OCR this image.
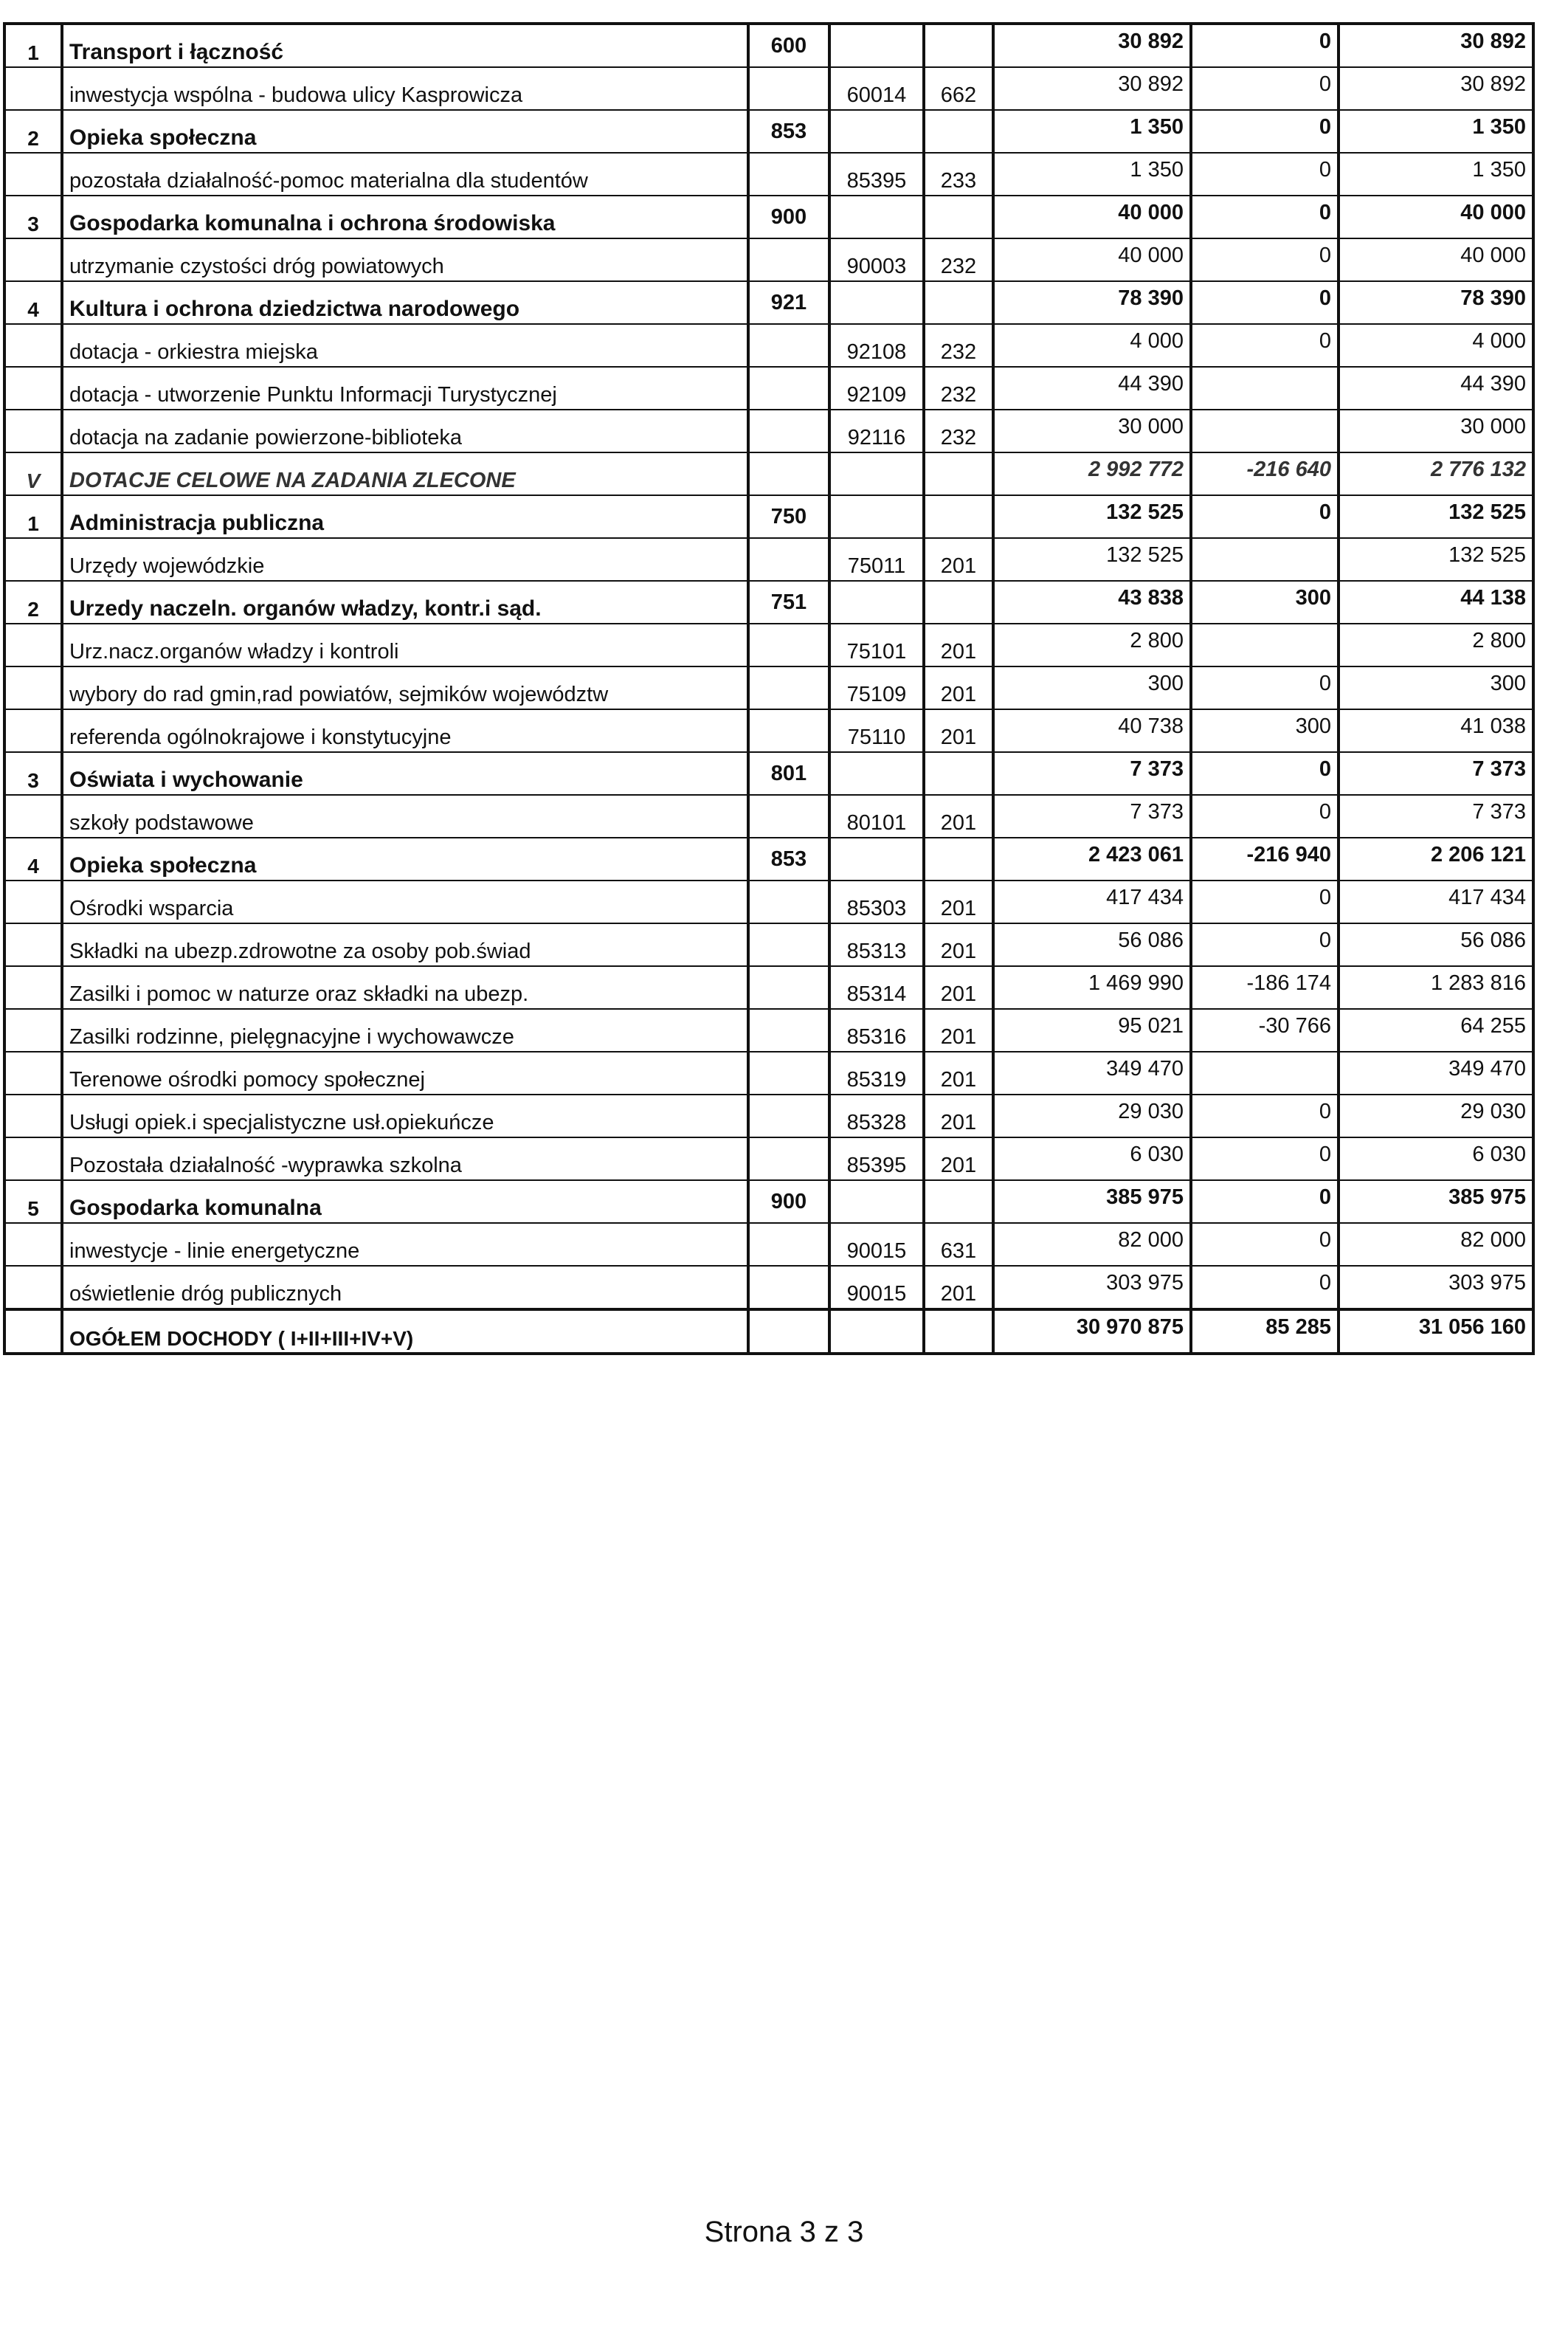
1	Transport i łączność	600			30 892	0	30 892
	inwestycja wspólna - budowa ulicy Kasprowicza		60014	662	30 892	0	30 892
2	Opieka społeczna	853			1 350	0	1 350
	pozostała działalność-pomoc materialna dla studentów		85395	233	1 350	0	1 350
3	Gospodarka komunalna i ochrona środowiska	900			40 000	0	40 000
	utrzymanie czystości dróg powiatowych		90003	232	40 000	0	40 000
4	Kultura i ochrona dziedzictwa narodowego	921			78 390	0	78 390
	dotacja - orkiestra miejska		92108	232	4 000	0	4 000
	dotacja - utworzenie Punktu Informacji Turystycznej		92109	232	44 390		44 390
	dotacja na zadanie powierzone-biblioteka		92116	232	30 000		30 000
V	DOTACJE CELOWE NA ZADANIA ZLECONE				2 992 772	-216 640	2 776 132
1	Administracja publiczna	750			132 525	0	132 525
	Urzędy wojewódzkie		75011	201	132 525		132 525
2	Urzedy naczeln. organów władzy, kontr.i sąd.	751			43 838	300	44 138
	Urz.nacz.organów władzy i kontroli		75101	201	2 800		2 800
	wybory do rad gmin,rad powiatów, sejmików województw		75109	201	300	0	300
	referenda ogólnokrajowe i konstytucyjne		75110	201	40 738	300	41 038
3	Oświata i wychowanie	801			7 373	0	7 373
	szkoły podstawowe		80101	201	7 373	0	7 373
4	Opieka społeczna	853			2 423 061	-216 940	2 206 121
	Ośrodki wsparcia		85303	201	417 434	0	417 434
	Składki na ubezp.zdrowotne za osoby pob.świad		85313	201	56 086	0	56 086
	Zasilki i pomoc w naturze oraz składki na ubezp.		85314	201	1 469 990	-186 174	1 283 816
	Zasilki rodzinne, pielęgnacyjne i wychowawcze		85316	201	95 021	-30 766	64 255
	Terenowe ośrodki pomocy społecznej		85319	201	349 470		349 470
	Usługi opiek.i specjalistyczne usł.opiekuńcze		85328	201	29 030	0	29 030
	Pozostała działalność -wyprawka szkolna		85395	201	6 030	0	6 030
5	Gospodarka komunalna	900			385 975	0	385 975
	inwestycje - linie energetyczne		90015	631	82 000	0	82 000
	oświetlenie dróg publicznych		90015	201	303 975	0	303 975
	OGÓŁEM DOCHODY ( I+II+III+IV+V)				30 970 875	85 285	31 056 160
Strona 3 z 3
